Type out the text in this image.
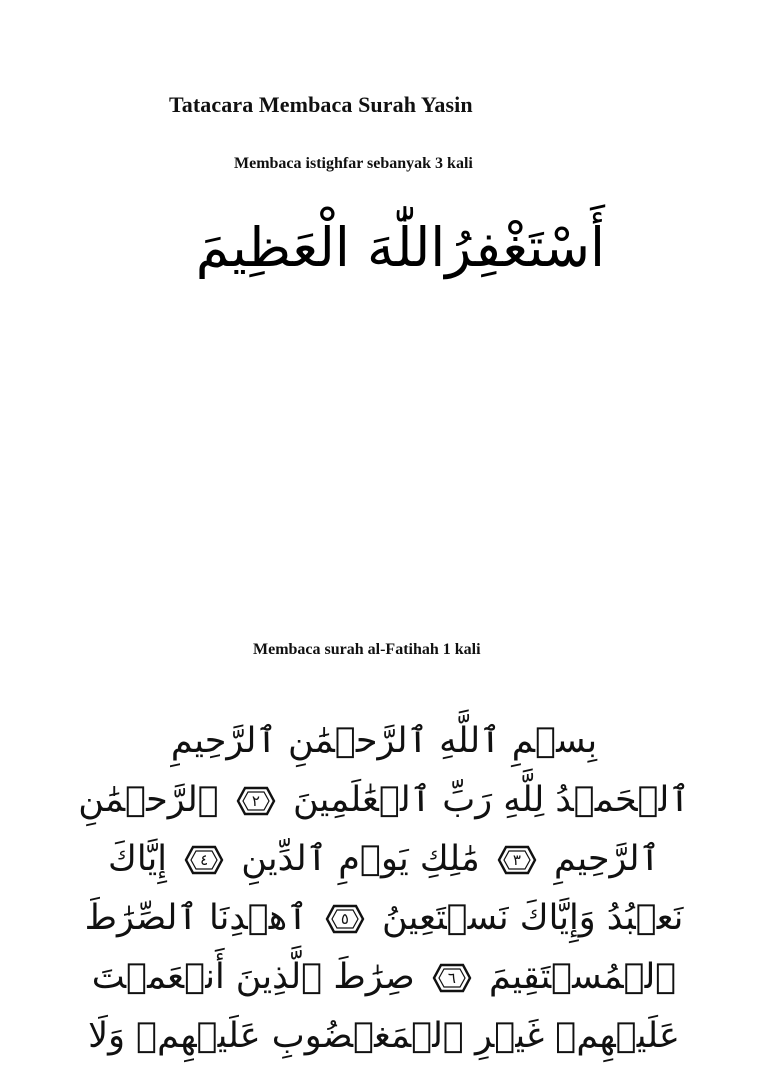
Tatacara Membaca Surah Yasin
Membaca istighfar sebanyak 3 kali
أَسْتَغْفِرُاللّٰهَ الْعَظِيمَ
Membaca surah al-Fatihah 1 kali
بِسۡمِ ٱللَّهِ ٱلرَّحۡمَٰنِ ٱلرَّحِيمِ
ٱلۡحَمۡدُ لِلَّهِ رَبِّ ٱلۡعَٰلَمِينَ
٢
ٱلرَّحۡمَٰنِ
ٱلرَّحِيمِ
٣
مَٰلِكِ يَوۡمِ ٱلدِّينِ
٤
إِيَّاكَ
نَعۡبُدُ وَإِيَّاكَ نَسۡتَعِينُ
٥
ٱهۡدِنَا ٱلصِّرَٰطَ
ٱلۡمُسۡتَقِيمَ
٦
صِرَٰطَ ٱلَّذِينَ أَنۡعَمۡتَ
عَلَيۡهِمۡ غَيۡرِ ٱلۡمَغۡضُوبِ عَلَيۡهِمۡ وَلَا
